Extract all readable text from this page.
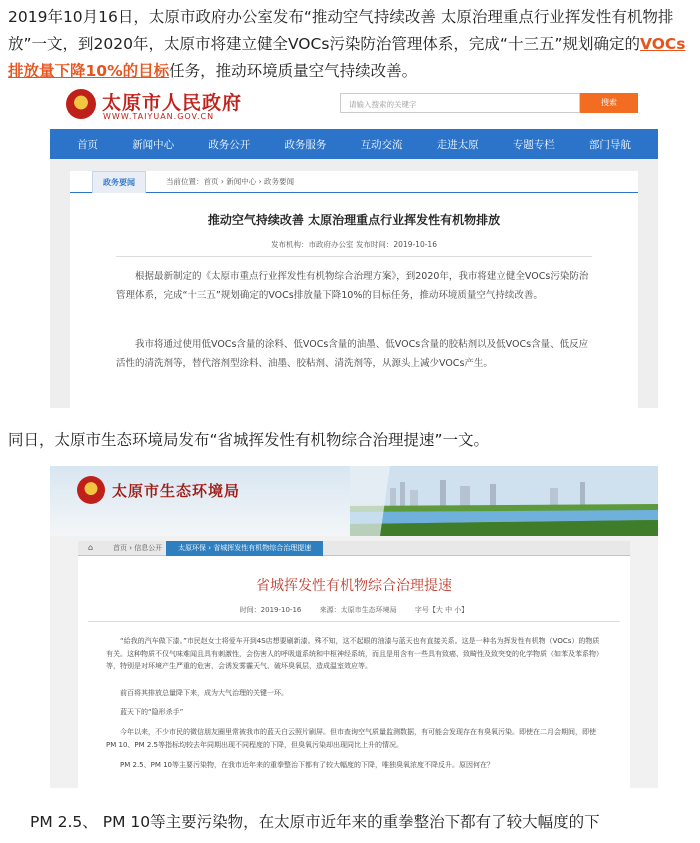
2019年10月16日，太原市政府办公室发布“推动空气持续改善 太原治理重点行业挥发性有机物排放”一文，到2020年，太原市将建立健全VOCs污染防治管理体系，完成“十三五”规划确定的VOCs排放量下降10%的目标任务，推动环境质量空气持续改善。
太原市人民政府
WWW.TAIYUAN.GOV.CN
请输入搜索的关键字	搜索
首页	新闻中心	政务公开	政务服务	互动交流	走进太原	专题专栏	部门导航
政务要闻	当前位置：首页 › 新闻中心 › 政务要闻
推动空气持续改善 太原治理重点行业挥发性有机物排放
发布机构：市政府办公室 发布时间：2019-10-16
根据最新制定的《太原市重点行业挥发性有机物综合治理方案》，到2020年，我市将建立健全VOCs污染防治管理体系，完成“十三五”规划确定的VOCs排放量下降10%的目标任务，推动环境质量空气持续改善。
我市将通过使用低VOCs含量的涂料、低VOCs含量的油墨、低VOCs含量的胶粘剂以及低VOCs含量、低反应活性的清洗剂等，替代溶剂型涂料、油墨、胶粘剂、清洗剂等，从源头上减少VOCs产生。
同日，太原市生态环境局发布“省城挥发性有机物综合治理提速”一文。
太原市生态环境局
⌂	首页 › 信息公开	太原环保 › 省城挥发性有机物综合治理提速
省城挥发性有机物综合治理提速
时间：2019-10-16	来源：太原市生态环境局	字号【大 中 小】
“給我的汽车做下漆。”市民赵女士将爱车开到4S店想要刷新漆。殊不知，这不起眼的油漆与蓝天也有直接关系。这是一种名为挥发性有机物（VOCs）的物质有关。这种物质不仅气味难闻且具有刺激性，会伤害人的呼吸道系统和中枢神经系统，而且是用含有一些具有致癌、致畸性及致突变的化学物质（如苯及苯系物）等，特别是对环境产生严重的危害，会诱发雾霾天气、破坏臭氧层，造成温室效应等。
前百将其排放总量降下来，成为大气治理的关键一环。
蓝天下的“隐形杀手”
今年以来，不少市民的微信朋友圈里常被我市的蓝天白云照片刷屏。但市查询空气质量监测数据，有可能会发现存在有臭氧污染。即使在二月会期间，即使 PM 10、PM 2.5等指标均较去年同期出现不同程度的下降，但臭氧污染却出现同比上升的情况。
PM 2.5、PM 10等主要污染物，在我市近年来的重拳整治下都有了较大幅度的下降，唯独臭氧浓度不降反升。原因何在？
PM 2.5、 PM 10等主要污染物，在太原市近年来的重拳整治下都有了较大幅度的下
